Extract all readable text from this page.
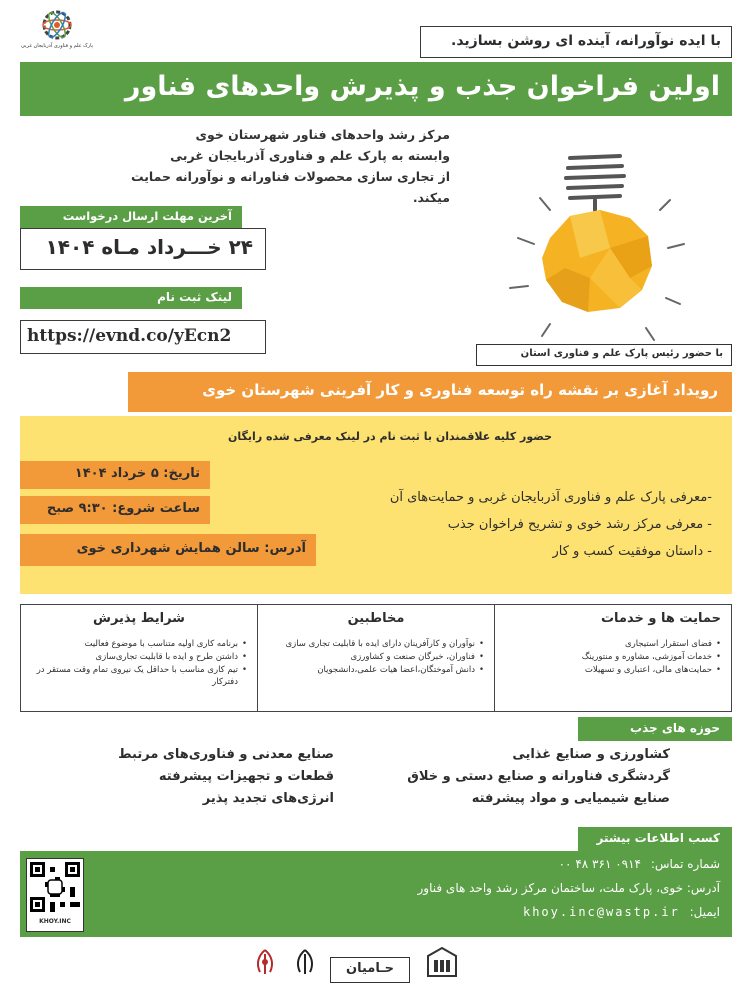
پارک علم و فناوری آذربایجان غربی	با ایده نوآورانه، آینده ای روشن بسازید.
اولین فراخوان جذب و پذیرش واحدهای فناور
مرکز رشد واحدهای فناور شهرستان خوی
وابسته به پارک علم و فناوری آذربایجان غربی
از تجاری سازی محصولات فناورانه و نوآورانه حمایت میکند.
آخرین مهلت ارسال درخواست
۲۴ خـــرداد مـاه ۱۴۰۴
لینک ثبت نام
https://evnd.co/yEcn2
با حضور رئیس پارک علم و فناوری استان
رویداد آغازی بر نقشه راه توسعه فناوری و کار آفرینی شهرستان خوی
حضور کلیه علاقمندان با ثبت نام در لینک معرفی شده رایگان
تاریخ: ۵ خرداد ۱۴۰۴
ساعت شروع: ۹:۳۰ صبح
آدرس: سالن همایش شهرداری خوی
-معرفی پارک علم و فناوری آذربایجان غربی و حمایت‌های آن
- معرفی مرکز رشد خوی و تشریح فراخوان جذب
- داستان موفقیت کسب و کار
حمایت ها و خدمات
• فضای استقرار استیجاری
• خدمات آموزشی، مشاوره و منتورینگ
• حمایت‌های مالی، اعتباری و تسهیلات
مخاطبین
• نوآوران و کارآفرینان دارای ایده با قابلیت تجاری سازی
• فناوران، خبرگان صنعت و کشاورزی
• دانش آموختگان،اعضا هیات علمی،دانشجویان
شرایط پذیرش
• برنامه کاری اولیه متناسب با موضوع فعالیت
• داشتن طرح و ایده با قابلیت تجاری‌سازی
• تیم کاری مناسب با حداقل یک نیروی تمام وقت مستقر در دفترکار
حوزه های جذب
کشاورزی و صنایع غذایی
گردشگری فناورانه و صنایع دستی و خلاق
صنایع شیمیایی و مواد پیشرفته
صنایع معدنی و فناوری‌های مرتبط
قطعات و تجهیزات پیشرفته
انرژی‌های تجدید پذیر
کسب اطلاعات بیشتر
KHOY.INC
شماره تماس: ۰۹۱۴ ۳۶۱ ۴۸ ۰۰
آدرس: خوی، پارک ملت، ساختمان مرکز رشد واحد های فناور
ایمیل: khoy.inc@wastp.ir
حـامیان
